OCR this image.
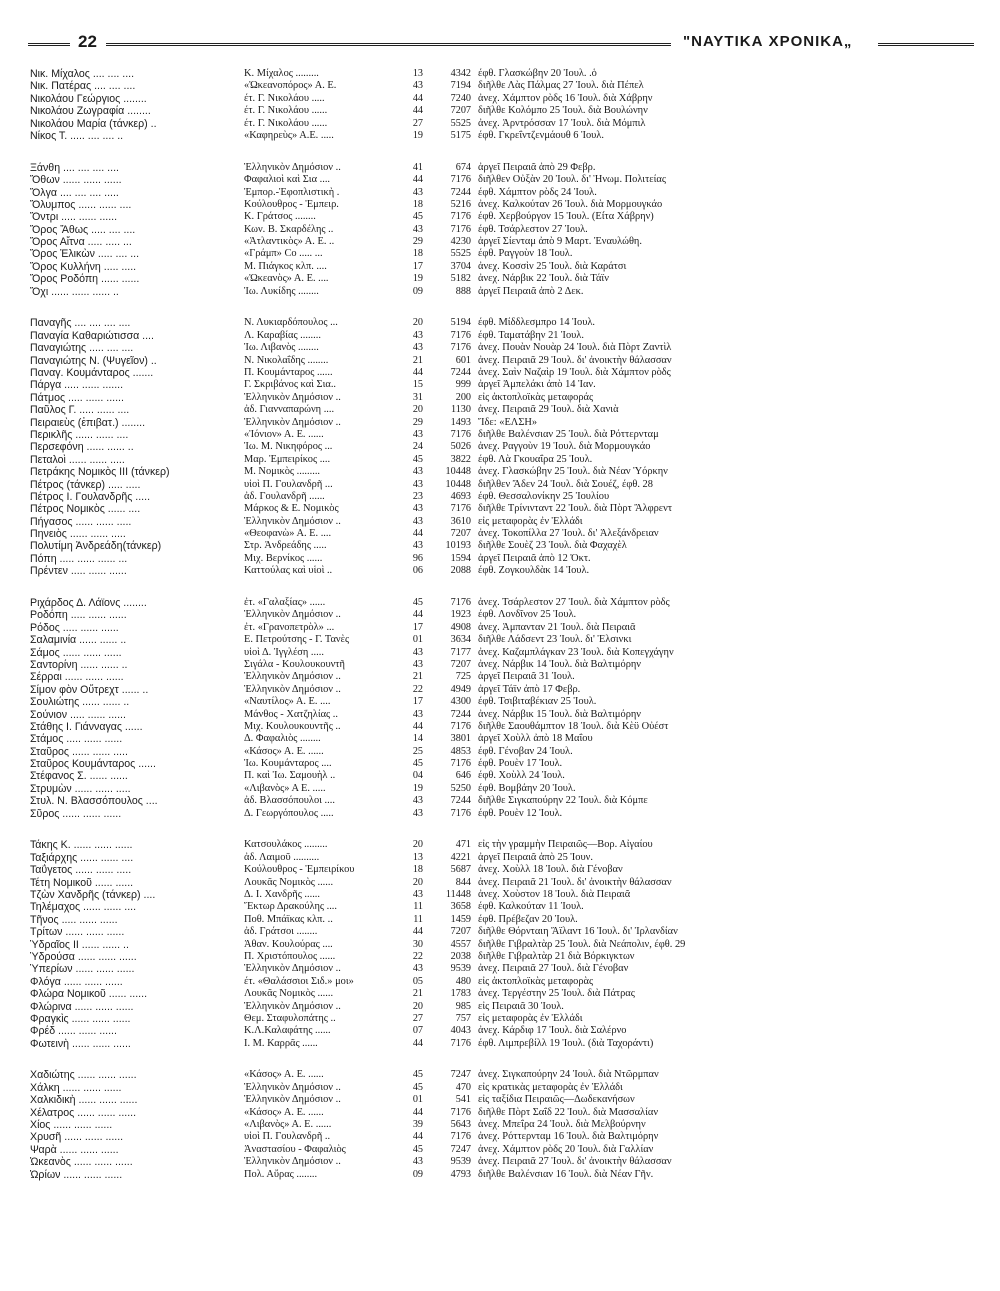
22	"ΝΑΥΤΙΚΑ ΧΡΟΝΙΚΑ„
Νικ. Μίχαλος .... .... ....	Κ. Μίχαλος .........	13	4342 έφθ. Γλασκώβην 20 Ἰουλ. .ὁ
Νικ. Πατέρας .... .... ....	«Ὠκεανοπόρος» Α. Ε.	43	7194 διῆλθε Λὰς Πάλμας 27 Ἰουλ. διὰ Πέπελ
Νικολάου Γεώργιος ........	έτ. Γ. Νικολάου .....	44	7240 ἀνεχ. Χάμπτον ρὸδς 16 Ἰουλ. διὰ Χάβρην
Νικολάου Ζωγραφία ........	έτ. Γ. Νικολάου ......	44	7207 διῆλθε Κολόμπο 25 Ἰουλ. διὰ Βουλώνην
Νικολάου Μαρία (τάνκερ) ..	έτ. Γ. Νικολάου ......	27	5525 ἀνεχ. Ἀρντρόσσαν 17 Ἰουλ. διὰ Μόμπιλ
Νίκος Τ. ..... .... .... ..	«Καφηρεὺς» Α.Ε. .....	19	5175 έφθ. Γκρεΐντζενμάουθ 6 Ἰουλ.
Ξάνθη .... .... .... ....	Ἑλληνικὸν Δημόσιον ..	41	674 ἀργεῖ Πειραιᾶ ἀπὸ 29 Φεβρ.
Ὄθων ...... ...... ......	Φαφαλιοὶ καὶ Σια ....	44	7176 διῆλθεν Οὐξὰν 20 Ἰουλ. δι' Ἡνωμ. Πολιτείας
Ὄλγα .... .... .... .....	Ἐμπορ.-Ἐφοπλιστικὴ .	43	7244 έφθ. Χάμπτον ρὸδς 24 Ἰουλ.
Ὄλυμπος ...... ...... ....	Κούλουθρος - Ἐμπειρ.	18	5216 ἀνεχ. Καλκούταν 26 Ἰουλ. διὰ Μορμουγκάο
Ὄντρι ..... ...... ......	Κ. Γράτσος ........	45	7176 έφθ. Χερβούργον 15 Ἰουλ. (Εἶτα Χάβρην)
Ὄρος Ἄθως ..... .... ....	Κων. Β. Σκαρδέλης ..	43	7176 έφθ. Τσάρλεστον 27 Ἰουλ.
Ὄρος Αἴτνα ..... ..... ...	«Ἀτλαντικὸς» Α. Ε. ..	29	4230 ἀργεῖ Σίενταμ ἀπὸ 9 Μαρτ. Ἐναυλώθη.
Ὄρος Ἑλικὼν ..... .... ...	«Γράμπ» Co ..... ...	18	5525 έφθ. Ραγγοὺν 18 Ἰουλ.
Ὄρος Κυλλήνη ..... .....	Μ. Πιάγκος κλπ. ....	17	3704 ἀνεχ. Κοσσὶν 25 Ἰουλ. διὰ Καράτσι
Ὄρος Ροδόπη ...... ......	«Ὠκεανὸς» Α. Ε. ....	19	5182 ἀνεχ. Νάρβικ 22 Ἰουλ. διὰ Τάϊν
Ὄχι ...... ...... ...... ..	Ἰω. Λυκίδης ........	09	888 ἀργεῖ Πειραιᾶ ἀπὸ 2 Δεκ.
Παναγῆς .... .... .... ....	Ν. Λυκιαρδόπουλος ...	20	5194 έφθ. Μίδδλεσμπρο 14 Ἰουλ.
Παναγία Καθαριώτισσα ....	Λ. Καραβίας ........	43	7176 έφθ. Ταματάβην 21 Ἰουλ.
Παναγιώτης ..... .... ....	Ἰω. Λιβανὸς ........	43	7176 ἀνεχ. Πουὰν Νουὰρ 24 Ἰουλ. διὰ Πὸρτ Ζαντὶλ
Παναγιώτης Ν. (Ψυγεῖον) ..	Ν. Νικολαΐδης ........	21	601 ἀνεχ. Πειραιᾶ 29 Ἰουλ. δι' ἀνοικτὴν θάλασσαν
Παναγ. Κουμάνταρος .......	Π. Κουμάνταρος ......	44	7244 ἀνεχ. Σαὶν Ναζαὶρ 19 Ἰουλ. διὰ Χάμπτον ρὸδς
Πάργα ..... ...... .......	Γ. Σκριβάνος καὶ Σια..	15	999 ἀργεῖ Ἀμπελάκι ἀπὸ 14 Ἰαν.
Πάτμος ..... ...... ......	Ἑλληνικὸν Δημόσιον ..	31	200 εἰς ἀκτοπλοϊκὰς μεταφοράς
Παῦλος Γ. ..... ...... ....	ἀδ. Γιανναπαρώνη ....	20	1130 ἀνεχ. Πειραιᾶ 29 Ἰουλ. διὰ Χανιὰ
Πειραιεὺς (ἐπιβατ.) ........	Ἑλληνικὸν Δημόσιον ..	29	1493 Ἴδε: «ΕΛΣΗ»
Περικλῆς ...... ...... ....	«Ἰόνιον» Α. Ε. ......	43	7176 διῆλθε Βαλένσιαν 25 Ἰουλ. διὰ Ρόττερνταμ
Περσεφόνη ...... ...... ..	Ἰω. Μ. Νικηφόρος ...	24	5026 ἀνεχ. Ραγγοὺν 19 Ἰουλ. διὰ Μορμουγκάο
Πεταλοὶ ...... ...... .....	Μαρ. Ἐμπειρίκος ....	45	3822 έφθ. Λὰ Γκουαΐρα 25 Ἰουλ.
Πετράκης Νομικὸς ΙΙΙ (τάνκερ)	Μ. Νομικὸς .........	43	10448 ἀνεχ. Γλασκώβην 25 Ἰουλ. διὰ Νέαν Ὑόρκην
Πέτρος (τάνκερ) ..... .....	υἱοὶ Π. Γουλανδρῆ ...	43	10448 διῆλθεν Ἄδεν 24 Ἰουλ. διὰ Σουέζ, έφθ. 28
Πέτρος Ι. Γουλανδρῆς .....	ἀδ. Γουλανδρῆ ......	23	4693 έφθ. Θεσσαλονίκην 25 Ἰουλίου
Πέτρος Νομικὸς ...... ....	Μάρκος & Ε. Νομικὸς	43	7176 διῆλθε Τρίνινταντ 22 Ἰουλ. διὰ Πὸρτ Ἄλφρεντ
Πήγασος ...... ...... .....	Ἑλληνικὸν Δημόσιον ..	43	3610 εἰς μεταφορὰς ἐν Ἑλλάδι
Πηνειὸς ...... ...... .....	«Θεοφανὼ» Α. Ε. ....	44	7207 ἀνεχ. Τοκοπίλλα 27 Ἰουλ. δι' Ἀλεξάνδρειαν
Πολυτίμη Ἀνδρεάδη(τάνκερ)	Στρ. Ἀνδρεάδης .....	43	10193 διῆλθε Σουὲζ 23 Ἰουλ. διὰ Φαχαχὲλ
Πόπη ..... ...... ...... ...	Μιχ. Βερνίκος ......	96	1594 ἀργεῖ Πειραιᾶ ἀπὸ 12 Ὀκτ.
Πρέντεν ..... ...... ......	Καττούλας καὶ υἱοὶ ..	06	2088 έφθ. Ζογκουλδὰκ 14 Ἰουλ.
Ριχάρδος Δ. Λάϊονς ........	ἐτ. «Γαλαξίας» ......	45	7176 ἀνεχ. Τσάρλεστον 27 Ἰουλ. διὰ Χάμπτον ρὸδς
Ροδόπη ..... ...... ......	Ἑλληνικὸν Δημόσιον ..	44	1923 έφθ. Λονδῖνον 25 Ἰουλ.
Ρόδος ..... ...... ......	ἐτ. «Γρανοπετρὸλ» ...	17	4908 ἀνεχ. Ἀμπανταν 21 Ἰουλ. διὰ Πειραιᾶ
Σαλαμινία ...... ...... ..	Ε. Πετρούτσης - Γ. Τανὲς	01	3634 διῆλθε Λάδσεντ 23 Ἰουλ. δι' Ἑλσινκι
Σάμος ...... ...... ......	υἱοὶ Δ. Ἰγγλέση .....	43	7177 ἀνεχ. Καζαμπλάγκαν 23 Ἰουλ. διὰ Κοπεγχάγην
Σαντορίνη ...... ...... ..	Σιγάλα - Κουλουκουντῆ	43	7207 ἀνεχ. Νάρβικ 14 Ἰουλ. διὰ Βαλτιμόρην
Σέρραι ...... ...... ......	Ἑλληνικὸν Δημόσιον ..	21	725 ἀργεῖ Πειραιᾶ 31 Ἰουλ.
Σίμον φὸν Οὔτρεχτ ...... ..	Ἑλληνικὸν Δημόσιον ..	22	4949 ἀργεῖ Τάϊν ἀπὸ 17 Φεβρ.
Σουλιώτης ...... ...... ..	«Ναυτίλος» Α. Ε. ....	17	4300 έφθ. Τσιβιταβέκιαν 25 Ἰουλ.
Σούνιον ..... ...... ......	Μάνθος - Χατζηλίας ..	43	7244 ἀνεχ. Νάρβικ 15 Ἰουλ. διὰ Βαλτιμόρην
Στάθης Ι. Γιάνναγας ......	Μιχ. Κουλουκουντῆς ..	44	7176 διῆλθε Σαουθάμπτον 18 Ἰουλ. διὰ Κὲϋ Οὐέστ
Στάμος ..... ...... ......	Δ. Φαφαλιὸς ........	14	3801 ἀργεῖ Χοὺλλ ἀπὸ 18 Μαΐου
Σταῦρος ...... ...... .....	«Κάσος» Α. Ε. ......	25	4853 έφθ. Γένοβαν 24 Ἰουλ.
Σταῦρος Κουμάνταρος ......	Ἰω. Κουμάνταρος ....	45	7176 έφθ. Ρουὲν 17 Ἰουλ.
Στέφανος Σ. ...... ......	Π. καὶ Ἰω. Σαμουὴλ ..	04	646 έφθ. Χοὺλλ 24 Ἰουλ.
Στρυμὼν ...... ...... .....	«Λιβανὸς» Α Ε. .....	19	5250 έφθ. Βομβάην 20 Ἰουλ.
Στυλ. Ν. Βλασσόπουλος ....	ἀδ. Βλασσόπουλοι ....	43	7244 διῆλθε Σιγκαπούρην 22 Ἰουλ. διὰ Κόμπε
Σῦρος ...... ...... ......	Δ. Γεωργόπουλος .....	43	7176 έφθ. Ρουὲν 12 Ἰουλ.
Τάκης Κ. ...... ...... ......	Κατσουλάκος .........	20	471 εἰς τὴν γραμμὴν Πειραιῶς—Βορ. Αἰγαίου
Ταξιάρχης ...... ...... ....	ἀδ. Λαιμοῦ ..........	13	4221 ἀργεῖ Πειραιᾶ ἀπὸ 25 Ἰουν.
Ταΰγετος ...... ...... .....	Κούλουθρος - Ἐμπειρίκου	18	5687 ἀνεχ. Χοὺλλ 18 Ἰουλ. διὰ Γένοβαν
Τέτη Νομικοῦ ...... ......	Λουκᾶς Νομικὸς ......	20	844 ἀνεχ. Πειραιᾶ 21 Ἰουλ. δι' ἀνοικτὴν θάλασσαν
Τζὼν Χανδρῆς (τάνκερ) ....	Δ. Ι. Χανδρῆς ......	43	11448 ἀνεχ. Χοὺστον 18 Ἰουλ. διὰ Πειραιᾶ
Τηλέμαχος ...... ...... ....	Ἕκτωρ Δρακούλης ....	11	3658 έφθ. Καλκούταν 11 Ἰουλ.
Τῆνος ..... ...... ......	Ποθ. Μπάϊκας κλπ. ..	11	1459 έφθ. Πρέβεζαν 20 Ἰουλ.
Τρίτων ...... ...... ......	ἀδ. Γράτσοι ........	44	7207 διῆλθε Θόρνταιη Ἄϊλαντ 16 Ἰουλ. δι' Ἰρλανδίαν
Ὑδραῖος ΙΙ ...... ...... ..	Ἀθαν. Κουλούρας ....	30	4557 διῆλθε Γιβραλτὰρ 25 Ἰουλ. διὰ Νεάπολιν, έφθ. 29
Ὑδρούσα ...... ...... ......	Π. Χριστόπουλος ......	22	2038 διῆλθε Γιβραλτὰρ 21 διὰ Βόρκιγκτων
Ὑπερίων ...... ...... ......	Ἑλληνικὸν Δημόσιον ..	43	9539 ἀνεχ. Πειραιᾶ 27 Ἰουλ. διὰ Γένοβαν
Φλόγα ...... ...... ......	έτ. «Θαλάσσιοι Σιδ.» μοι»	05	480 εἰς ἀκτοπλοϊκὰς μεταφορὰς
Φλώρα Νομικοῦ ...... ......	Λουκᾶς Νομικὸς ......	21	1783 ἀνεχ. Τεργέστην 25 Ἰουλ. διὰ Πάτρας
Φλώρινα ...... ...... ......	Ἑλληνικὸν Δημόσιον ..	20	985 εἰς Πειραιᾶ 30 Ἰουλ.
Φραγκὶς ...... ...... ......	Θεμ. Σταφυλοπάτης ..	27	757 εἰς μεταφορὰς ἐν Ἑλλάδι
Φρέδ ...... ...... ......	Κ.Λ.Καλαφάτης ......	07	4043 ἀνεχ. Κάρδιφ 17 Ἰουλ. διὰ Σαλέρνο
Φωτεινὴ ...... ...... ......	Ι. Μ. Καρρᾶς ......	44	7176 έφθ. Λιμπρεβίλλ 19 Ἰουλ. (διὰ Ταχοράντι)
Χαδιώτης ...... ...... ......	«Κάσος» Α. Ε. ......	45	7247 ἀνεχ. Σιγκαπούρην 24 Ἰουλ. διὰ Ντῶρμπαν
Χάλκη ...... ...... ......	Ἑλληνικὸν Δημόσιον ..	45	470 εἰς κρατικὰς μεταφορὰς ἐν Ἑλλάδι
Χαλκιδικὴ ...... ...... ......	Ἑλληνικὸν Δημόσιον ..	01	541 εἰς ταξίδια Πειραιῶς—Δωδεκανήσων
Χέλατρος ...... ...... ......	«Κάσος» Α. Ε. ......	44	7176 διῆλθε Πὸρτ Σαΐδ 22 Ἰουλ. διὰ Μασσαλίαν
Χίος ...... ...... ......	«Λιβανὸς» Α. Ε. ......	39	5643 ἀνεχ. Μπεΐρα 24 Ἰουλ. διὰ Μελβούρνην
Χρυσῆ ...... ...... ......	υἱοὶ Π. Γουλανδρῆ ..	44	7176 ἀνεχ. Ρόττερνταμ 16 Ἰουλ. διὰ Βαλτιμόρην
Ψαρὰ ...... ...... ......	Ἀναστασίου - Φαφαλιὸς	45	7247 ἀνεχ. Χάμπτον ρὸδς 20 Ἰουλ. διὰ Γαλλίαν
Ὠκεανὸς ...... ...... ......	Ἑλληνικὸν Δημόσιον ..	43	9539 ἀνεχ. Πειραιᾶ 27 Ἰουλ. δι' ἀνοικτὴν θάλασσαν
Ὡρίων ...... ...... ......	Πολ. Αὔρας ........	09	4793 διῆλθε Βαλένσιαν 16 Ἰουλ. διὰ Νέαν Γῆν.
